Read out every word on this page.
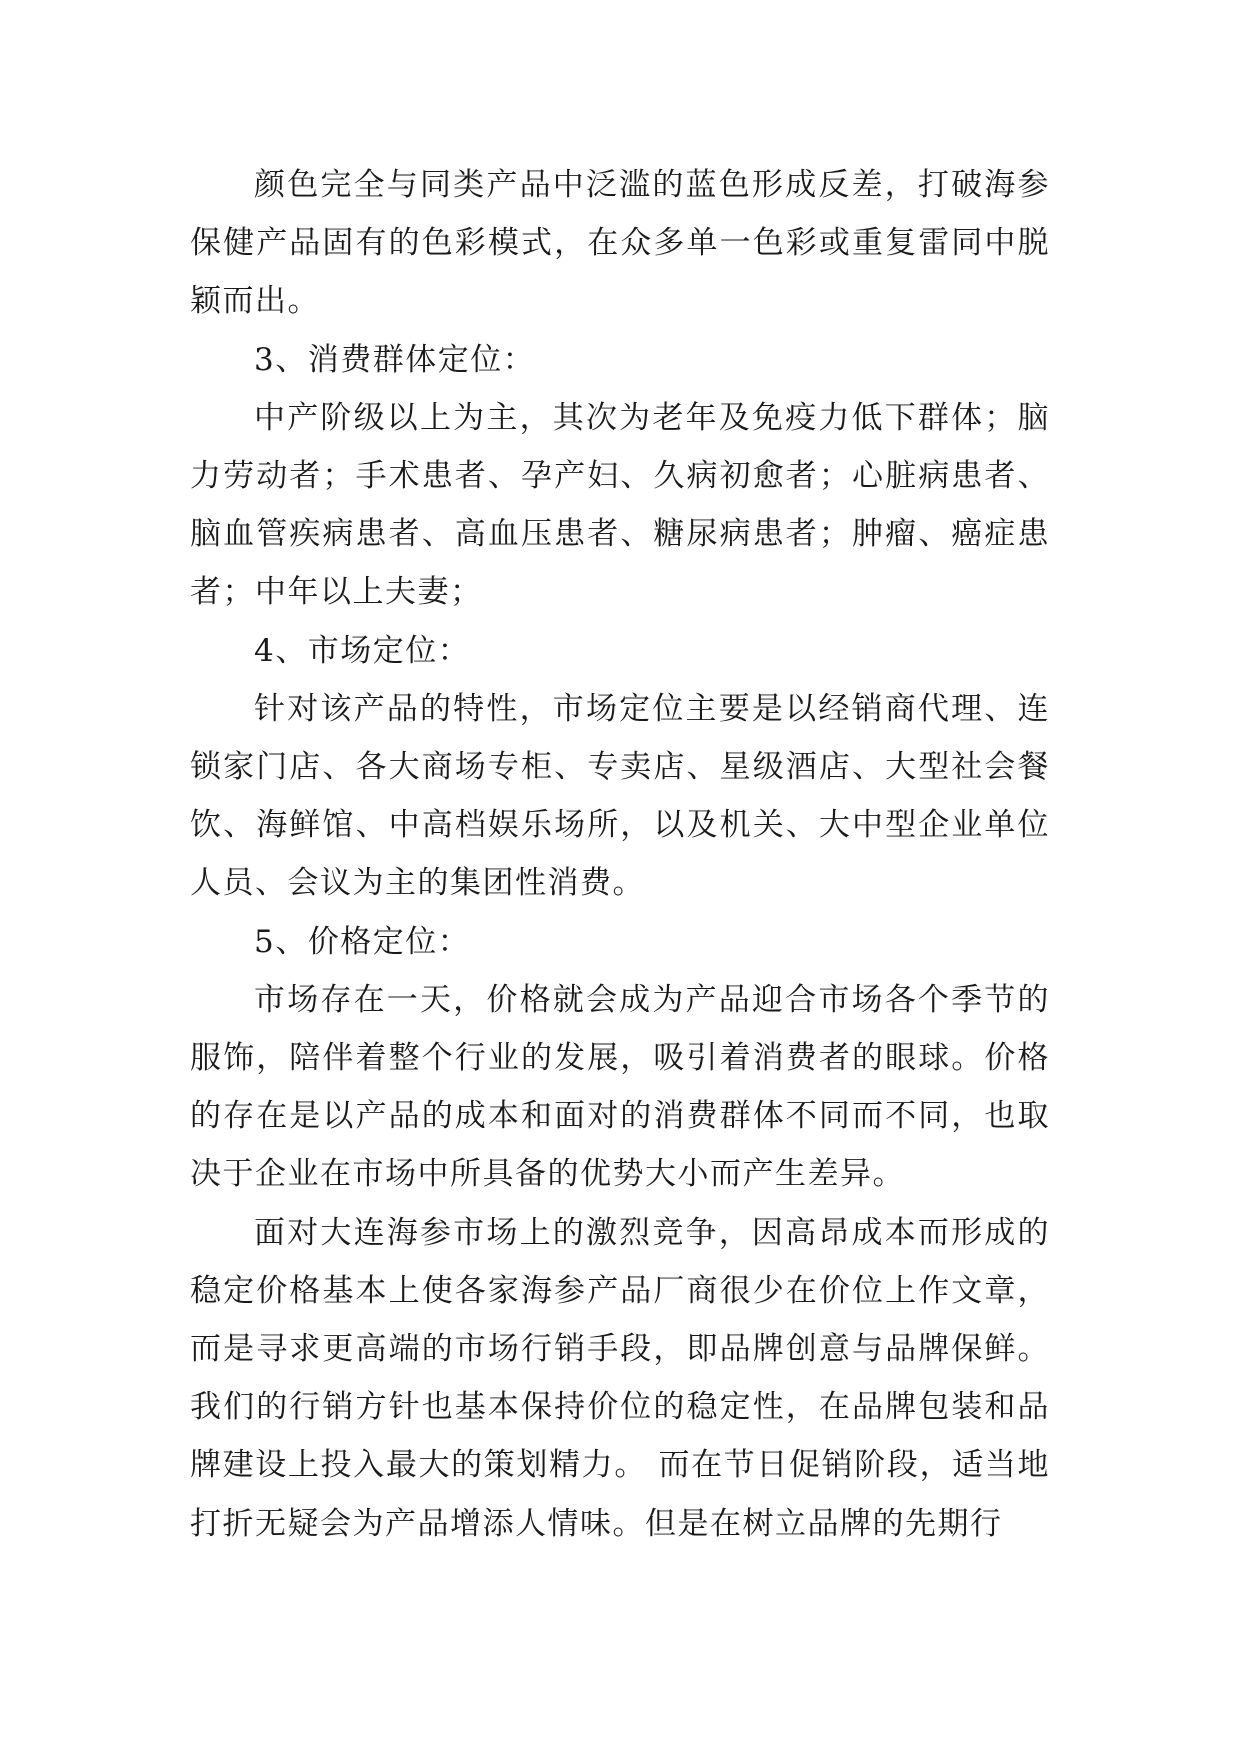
颜色完全与同类产品中泛滥的蓝色形成反差，打破海参保健产品固有的色彩模式，在众多单一色彩或重复雷同中脱颖而出。

3、消费群体定位：

中产阶级以上为主，其次为老年及免疫力低下群体；脑力劳动者；手术患者、孕产妇、久病初愈者；心脏病患者、脑血管疾病患者、高血压患者、糖尿病患者；肿瘤、癌症患者；中年以上夫妻；

4、市场定位：

针对该产品的特性，市场定位主要是以经销商代理、连锁家门店、各大商场专柜、专卖店、星级酒店、大型社会餐饮、海鲜馆、中高档娱乐场所，以及机关、大中型企业单位人员、会议为主的集团性消费。

5、价格定位：

市场存在一天，价格就会成为产品迎合市场各个季节的服饰，陪伴着整个行业的发展，吸引着消费者的眼球。价格的存在是以产品的成本和面对的消费群体不同而不同，也取决于企业在市场中所具备的优势大小而产生差异。

面对大连海参市场上的激烈竞争，因高昂成本而形成的稳定价格基本上使各家海参产品厂商很少在价位上作文章，而是寻求更高端的市场行销手段，即品牌创意与品牌保鲜。我们的行销方针也基本保持价位的稳定性，在品牌包装和品牌建设上投入最大的策划精力。 而在节日促销阶段，适当地打折无疑会为产品增添人情味。但是在树立品牌的先期行
